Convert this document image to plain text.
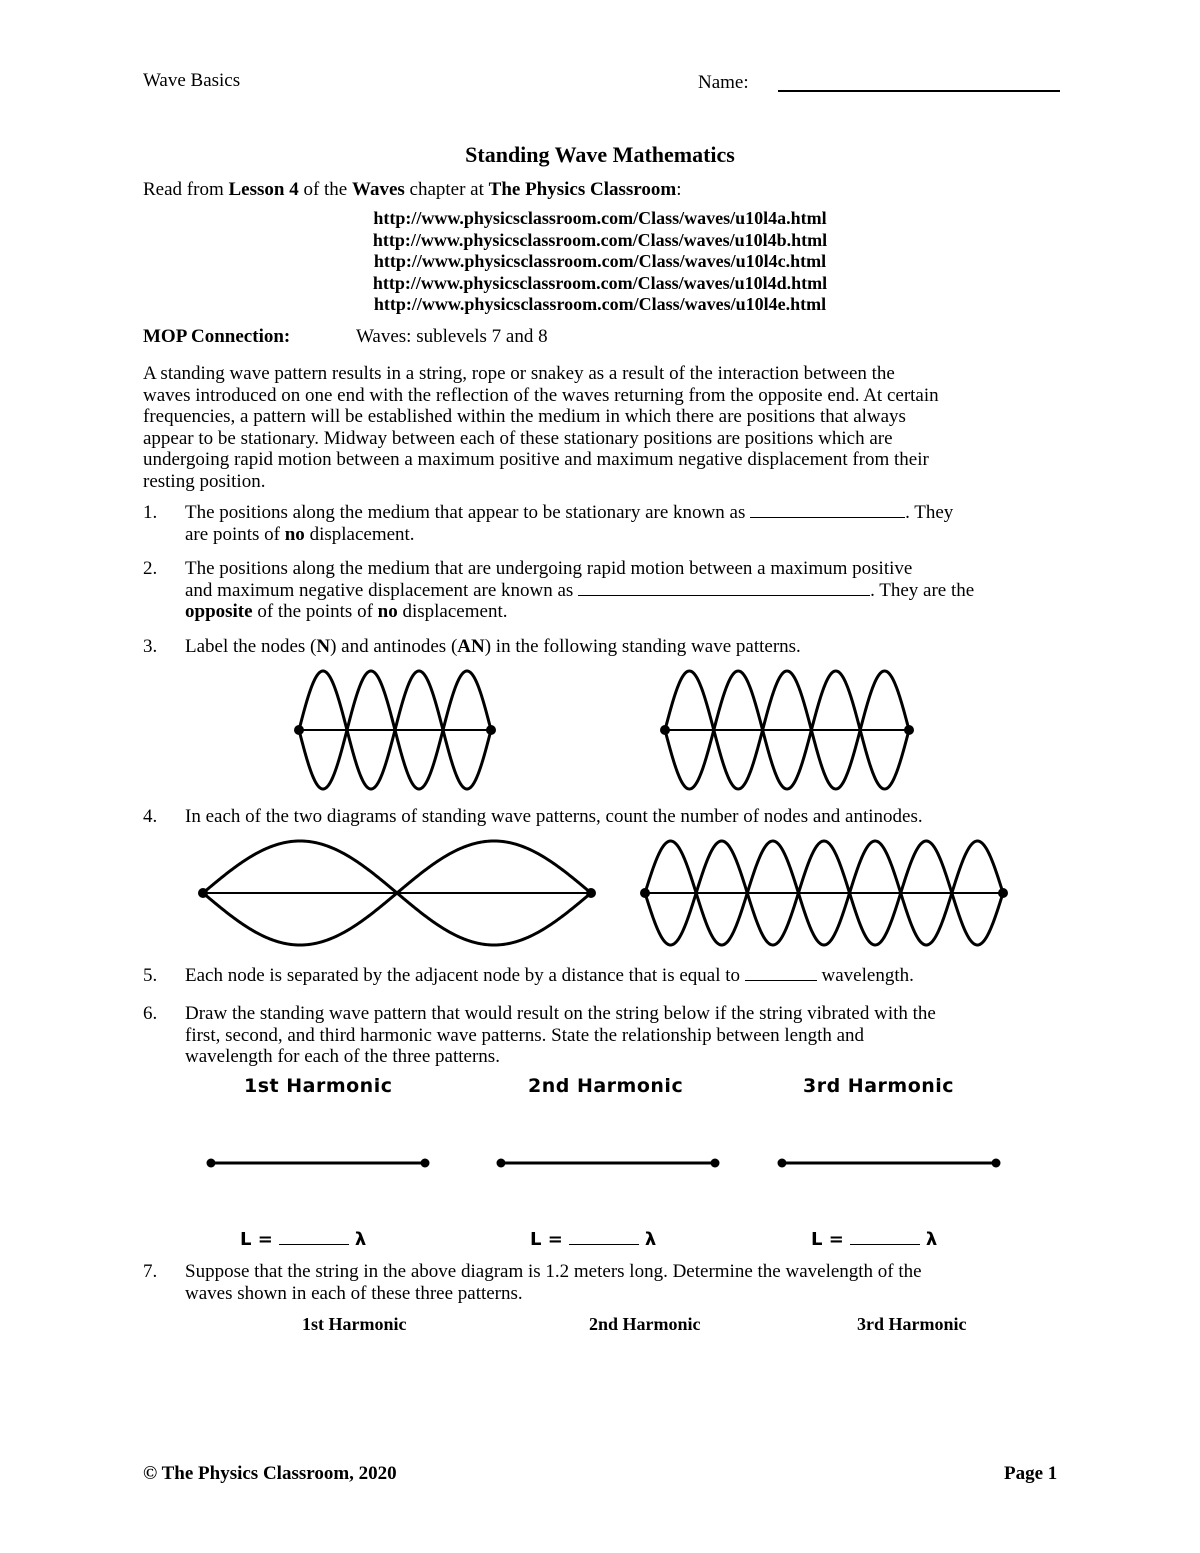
Wave Basics	Name:
Standing Wave Mathematics
Read from Lesson 4 of the Waves chapter at The Physics Classroom:
http://www.physicsclassroom.com/Class/waves/u10l4a.html
http://www.physicsclassroom.com/Class/waves/u10l4b.html
http://www.physicsclassroom.com/Class/waves/u10l4c.html
http://www.physicsclassroom.com/Class/waves/u10l4d.html
http://www.physicsclassroom.com/Class/waves/u10l4e.html
MOP Connection:	Waves: sublevels 7 and 8
A standing wave pattern results in a string, rope or snakey as a result of the interaction between the
waves introduced on one end with the reflection of the waves returning from the opposite end. At certain
frequencies, a pattern will be established within the medium in which there are positions that always
appear to be stationary. Midway between each of these stationary positions are positions which are
undergoing rapid motion between a maximum positive and maximum negative displacement from their
resting position.
1.	The positions along the medium that appear to be stationary are known as	. They
are points of no displacement.
2.	The positions along the medium that are undergoing rapid motion between a maximum positive
and maximum negative displacement are known as	. They are the
opposite of the points of no displacement.
3.	Label the nodes (N) and antinodes (AN) in the following standing wave patterns.
4.	In each of the two diagrams of standing wave patterns, count the number of nodes and antinodes.
5.	Each node is separated by the adjacent node by a distance that is equal to	wavelength.
6.	Draw the standing wave pattern that would result on the string below if the string vibrated with the
first, second, and third harmonic wave patterns. State the relationship between length and
wavelength for each of the three patterns.
1st Harmonic	2nd Harmonic	3rd Harmonic
L =	λ	L =	λ	L =	λ
7.	Suppose that the string in the above diagram is 1.2 meters long. Determine the wavelength of the
waves shown in each of these three patterns.
1st Harmonic	2nd Harmonic	3rd Harmonic
© The Physics Classroom, 2020	Page 1
